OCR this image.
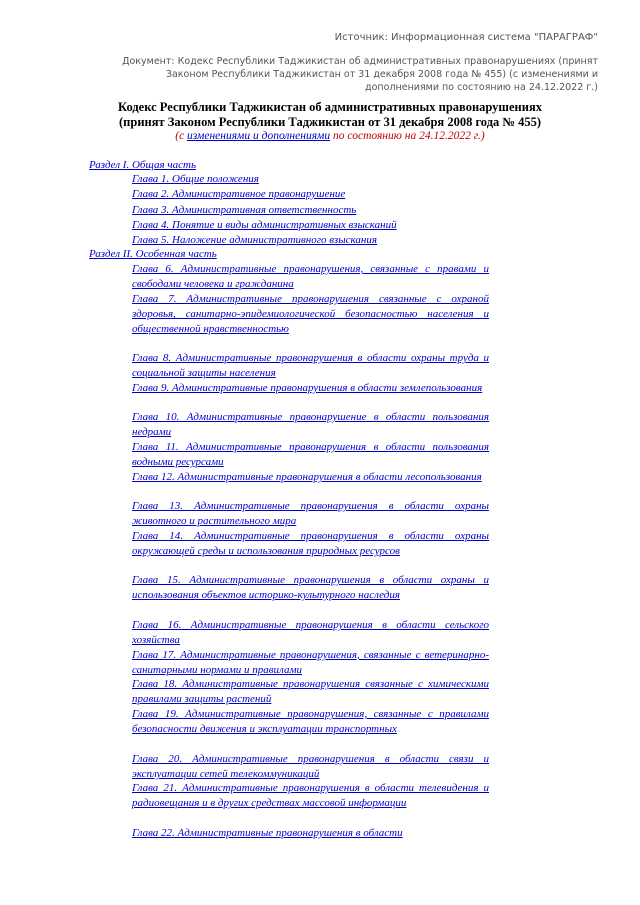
Источник: Информационная система "ПАРАГРАФ"
Документ: Кодекс Республики Таджикистан об административных правонарушениях (принят
Законом Республики Таджикистан от 31 декабря 2008 года № 455) (с изменениями и
дополнениями по состоянию на 24.12.2022 г.)
Кодекс Республики Таджикистан об административных правонарушениях
(принят Законом Республики Таджикистан от 31 декабря 2008 года № 455)
(с изменениями и дополнениями по состоянию на 24.12.2022 г.)
Раздел I. Общая часть
Глава 1. Общие положения
Глава 2. Административное правонарушение
Глава 3. Административная ответственность
Глава 4. Понятие и виды административных взысканий
Глава 5. Наложение административного взыскания
Раздел II. Особенная часть
Глава 6. Административные правонарушения, связанные с правами и свободами человека и гражданина
Глава 7. Административные правонарушения связанные с охраной здоровья, санитарно-эпидемиологической безопасностью населения и общественной нравственностью
Глава 8. Административные правонарушения в области охраны труда и социальной защиты населения
Глава 9. Административные правонарушения в области землепользования
Глава 10. Административные правонарушение в области пользования недрами
Глава 11. Административные правонарушения в области пользования водными ресурсами
Глава 12. Административные правонарушения в области лесопользования
Глава 13. Административные правонарушения в области охраны животного и растительного мира
Глава 14. Административные правонарушения в области охраны окружающей среды и использования природных ресурсов
Глава 15. Административные правонарушения в области охраны и использования объектов историко-культурного наследия
Глава 16. Административные правонарушения в области сельского хозяйства
Глава 17. Административные правонарушения, связанные с ветеринарно-санитарными нормами и правилами
Глава 18. Административные правонарушения связанные с химическими правилами защиты растений
Глава 19. Административные правонарушения, связанные с правилами безопасности движения и эксплуатации транспортных
Глава 20. Административные правонарушения в области связи и эксплуатации сетей телекоммуникаций
Глава 21. Административные правонарушения в области телевидения и радиовещания и в других средствах массовой информации
Глава 22. Административные правонарушения в области
